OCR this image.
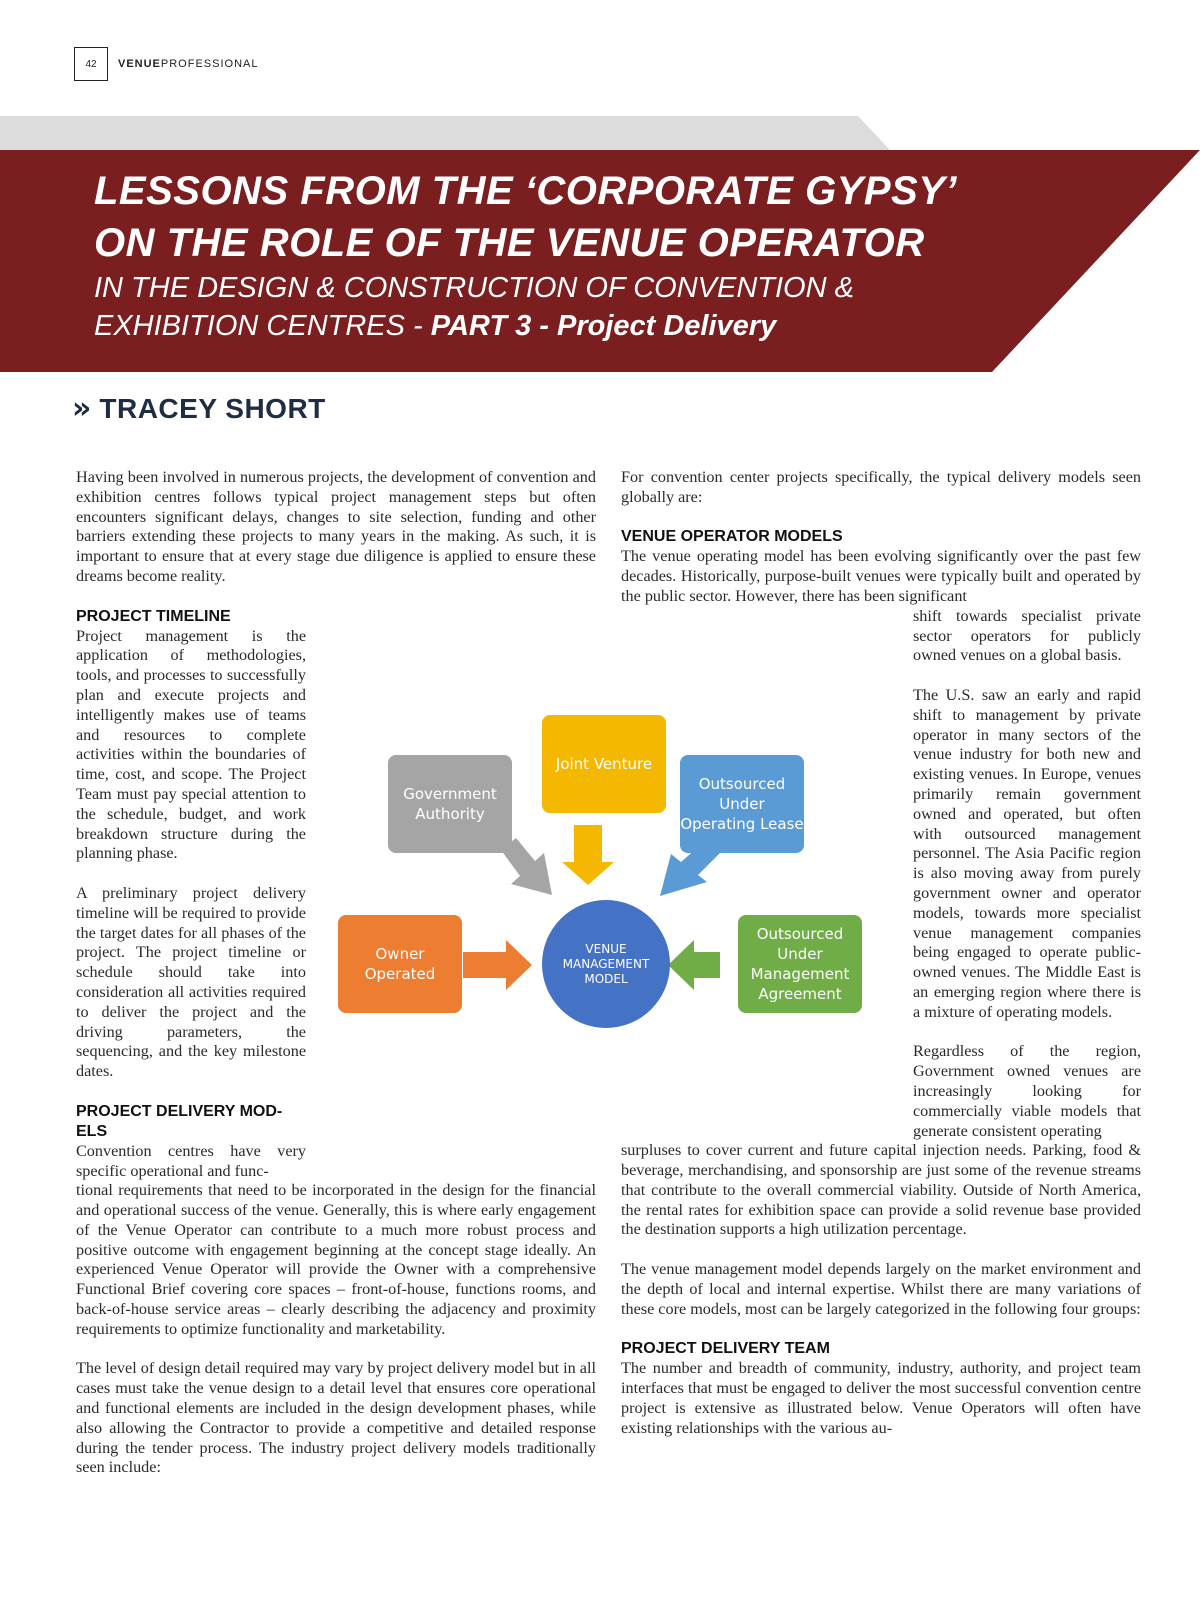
42	VENUEPROFESSIONAL
LESSONS FROM THE ‘CORPORATE GYPSY’
ON THE ROLE OF THE VENUE OPERATOR
IN THE DESIGN & CONSTRUCTION OF CONVENTION &
EXHIBITION CENTRES - PART 3 - Project Delivery
» TRACEY SHORT

Having been involved in numerous projects, the development of convention and exhibition centres follows typical project management steps but often encounters significant delays, changes to site selection, funding and other barriers extending these projects to many years in the making. As such, it is important to ensure that at every stage due diligence is applied to ensure these dreams become reality.

PROJECT TIMELINE

Project management is the application of methodologies, tools, and processes to successfully plan and execute projects and intelligently makes use of teams and resources to complete activities within the boundaries of time, cost, and scope. The Project Team must pay special attention to the schedule, budget, and work breakdown structure during the planning phase.

A preliminary project delivery timeline will be required to provide the target dates for all phases of the project. The project timeline or schedule should take into consideration all activities required to deliver the project and the driving parameters, the sequencing, and the key milestone dates.

PROJECT DELIVERY MOD-

ELS

Convention centres have very specific operational and func-

tional requirements that need to be incorporated in the design for the financial and operational success of the venue. Generally, this is where early engagement of the Venue Operator can contribute to a much more robust process and positive outcome with engagement beginning at the concept stage ideally. An experienced Venue Operator will provide the Owner with a comprehensive Functional Brief covering core spaces – front-of-house, functions rooms, and back-of-house service areas – clearly describing the adjacency and proximity requirements to optimize functionality and marketability.

The level of design detail required may vary by project delivery model but in all cases must take the venue design to a detail level that ensures core operational and functional elements are included in the design development phases, while also allowing the Contractor to provide a competitive and detailed response during the tender process. The industry project delivery models traditionally seen include:

For convention center projects specifically, the typical delivery models seen globally are:

VENUE OPERATOR MODELS

The venue operating model has been evolving significantly over the past few decades. Historically, purpose-built venues were typically built and operated by the public sector. However, there has been significant

shift towards specialist private sector operators for publicly owned venues on a global basis.

The U.S. saw an early and rapid shift to management by private operator in many sectors of the venue industry for both new and existing venues. In Europe, venues primarily remain government owned and operated, but often with outsourced management personnel. The Asia Pacific region is also moving away from purely government owner and operator models, towards more specialist venue management companies being engaged to operate public-owned venues. The Middle East is an emerging region where there is a mixture of operating models.

Regardless of the region, Government owned venues are increasingly looking for commercially viable models that generate consistent operating

surpluses to cover current and future capital injection needs. Parking, food & beverage, merchandising, and sponsorship are just some of the revenue streams that contribute to the overall commercial viability. Outside of North America, the rental rates for exhibition space can provide a solid revenue base provided the destination supports a high utilization percentage.

The venue management model depends largely on the market environment and the depth of local and internal expertise. Whilst there are many variations of these core models, most can be largely categorized in the following four groups:

PROJECT DELIVERY TEAM

The number and breadth of community, industry, authority, and project team interfaces that must be engaged to deliver the most successful convention centre project is extensive as illustrated below. Venue Operators will often have existing relationships with the various au-

Joint Venture
Government Authority
Outsourced Under Operating Lease
Owner Operated
Outsourced Under Management Agreement
VENUE MANAGEMENT MODEL
